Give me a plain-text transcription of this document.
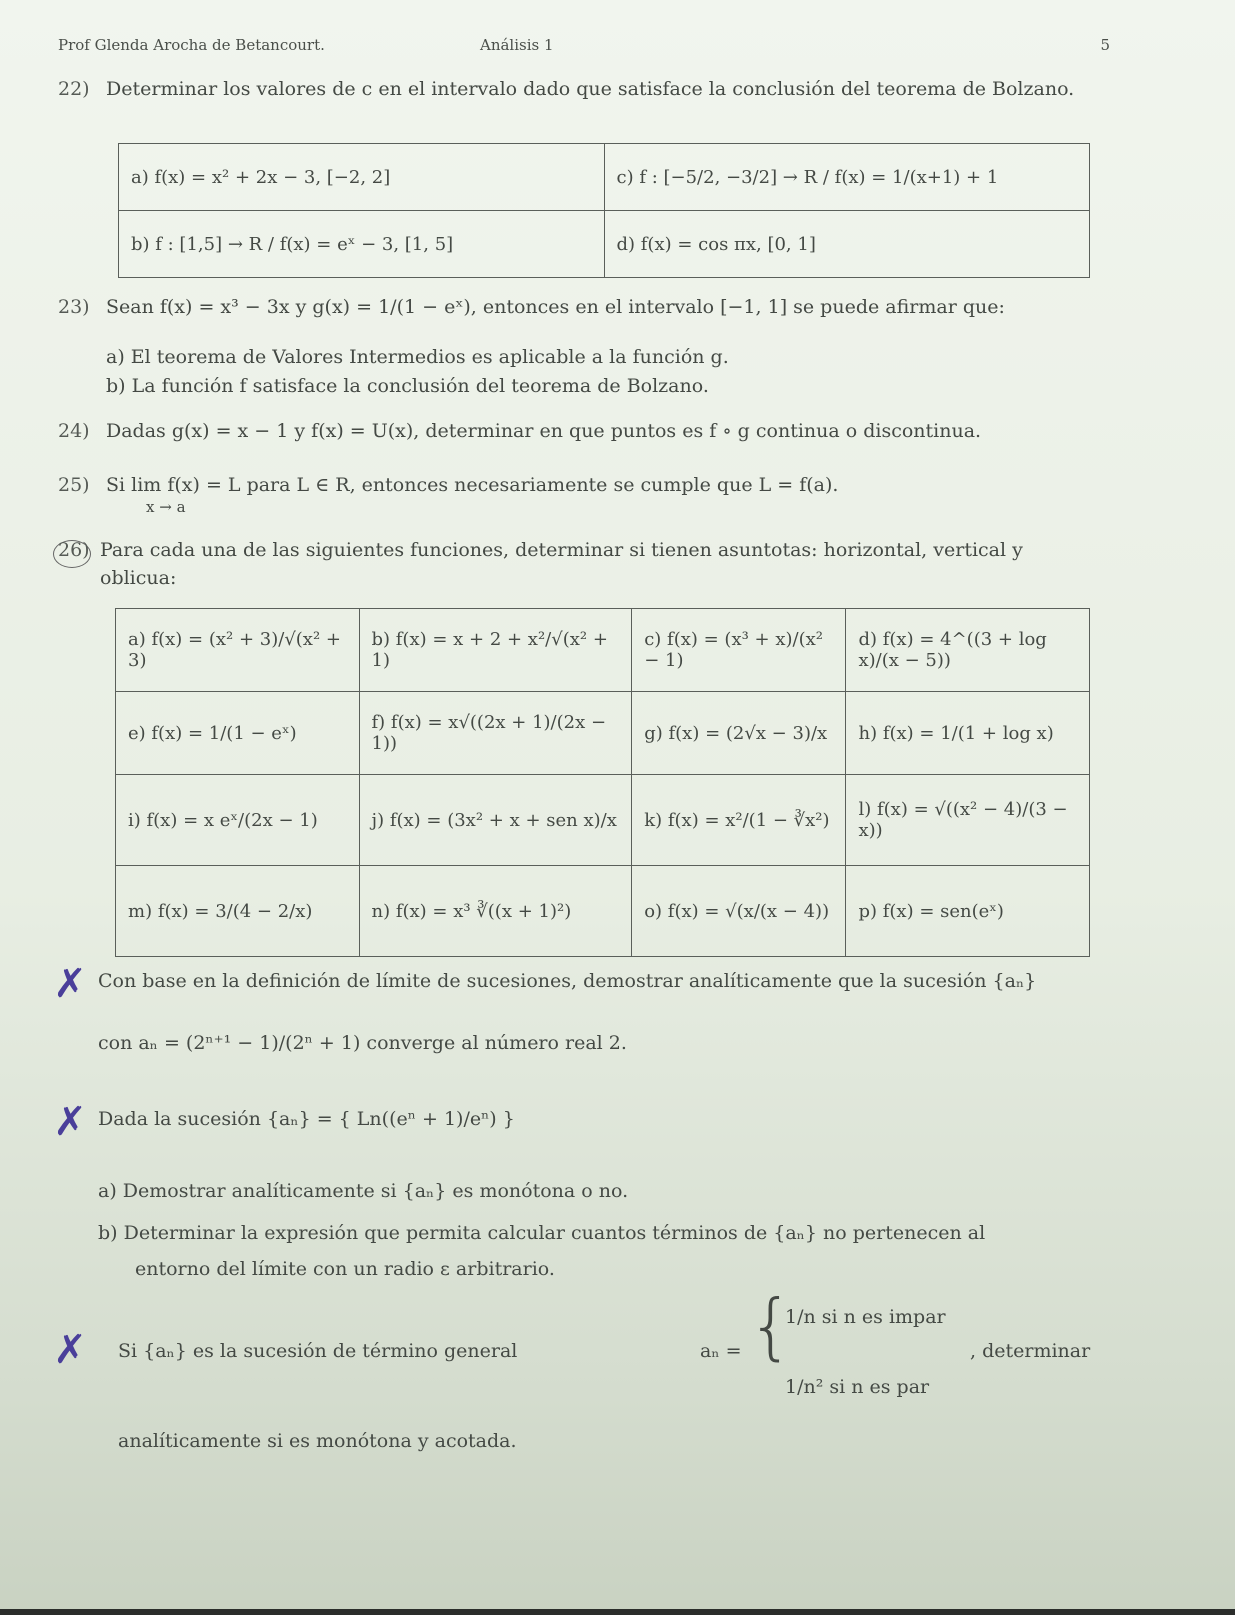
Prof Glenda Arocha de Betancourt.	Análisis 1	5
22) Determinar los valores de c en el intervalo dado que satisface la conclusión del teorema de Bolzano.
a) f(x) = x² + 2x − 3, [−2, 2]	c) f : [−5/2, −3/2] → R / f(x) = 1/(x+1) + 1
b) f : [1,5] → R / f(x) = eˣ − 3, [1, 5]	d) f(x) = cos πx, [0, 1]
23) Sean f(x) = x³ − 3x y g(x) = 1/(1 − eˣ), entonces en el intervalo [−1, 1] se puede afirmar que:
a) El teorema de Valores Intermedios es aplicable a la función g.
b) La función f satisface la conclusión del teorema de Bolzano.
24) Dadas g(x) = x − 1 y f(x) = U(x), determinar en que puntos es f ∘ g continua o discontinua.
25) Si lim f(x) = L para L ∈ R, entonces necesariamente se cumple que L = f(a).
x → a
26) Para cada una de las siguientes funciones, determinar si tienen asuntotas: horizontal, vertical y oblicua:
a) f(x) = (x² + 3)/√(x² + 3)	b) f(x) = x + 2 + x²/√(x² + 1)	c) f(x) = (x³ + x)/(x² − 1)	d) f(x) = 4^((3 + log x)/(x − 5))
e) f(x) = 1/(1 − eˣ)	f) f(x) = x√((2x + 1)/(2x − 1))	g) f(x) = (2√x − 3)/x	h) f(x) = 1/(1 + log x)
i) f(x) = x eˣ/(2x − 1)	j) f(x) = (3x² + x + sen x)/x	k) f(x) = x²/(1 − ∛x²)	l) f(x) = √((x² − 4)/(3 − x))
m) f(x) = 3/(4 − 2/x)	n) f(x) = x³ ∛((x + 1)²)	o) f(x) = √(x/(x − 4))	p) f(x) = sen(eˣ)
✗ Con base en la definición de límite de sucesiones, demostrar analíticamente que la sucesión {aₙ}
con aₙ = (2ⁿ⁺¹ − 1)/(2ⁿ + 1) converge al número real 2.
✗ Dada la sucesión {aₙ} = { Ln((eⁿ + 1)/eⁿ) }
a) Demostrar analíticamente si {aₙ} es monótona o no.
b) Determinar la expresión que permita calcular cuantos términos de {aₙ} no pertenecen al
entorno del límite con un radio ε arbitrario.
✗ Si {aₙ} es la sucesión de término general	aₙ = {
1/n si n es impar
1/n² si n es par
, determinar
analíticamente si es monótona y acotada.
